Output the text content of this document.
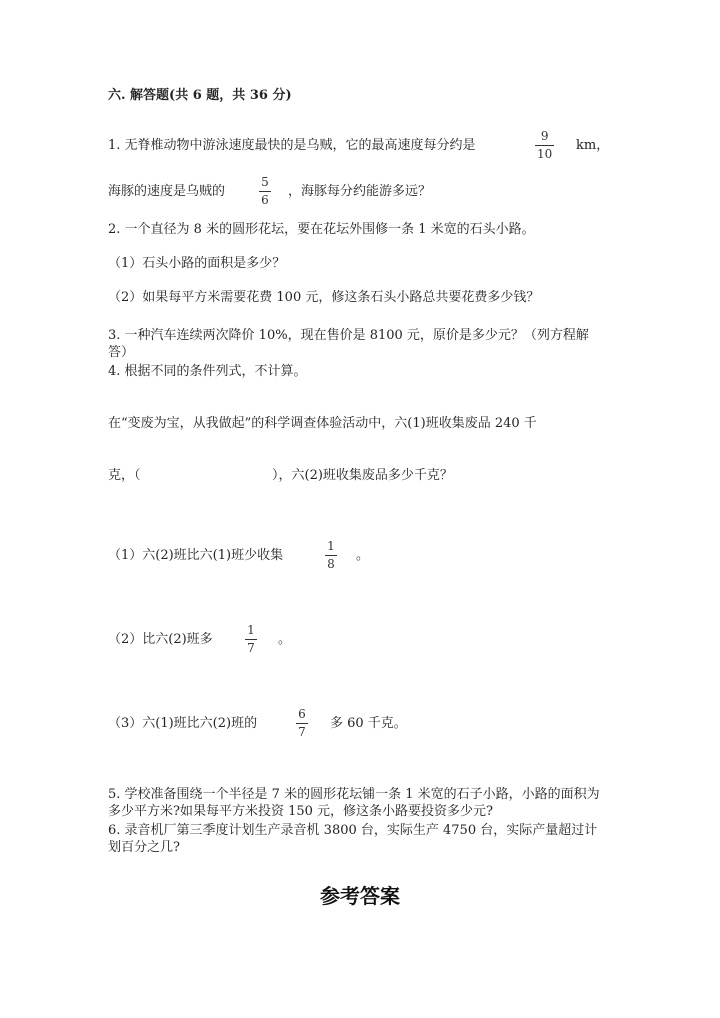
六. 解答题(共 6 题，共 36 分)
1. 无脊椎动物中游泳速度最快的是乌贼，它的最高速度每分约是
9
10
km，
海豚的速度是乌贼的
5
6
，海豚每分约能游多远？
2. 一个直径为 8 米的圆形花坛，要在花坛外围修一条 1 米宽的石头小路。
（1）石头小路的面积是多少？
（2）如果每平方米需要花费 100 元，修这条石头小路总共要花费多少钱？
3. 一种汽车连续两次降价 10%，现在售价是 8100 元，原价是多少元？（列方程解答）
4. 根据不同的条件列式，不计算。
在“变废为宝，从我做起”的科学调查体验活动中，六(1)班收集废品 240 千
克，（	），六(2)班收集废品多少千克？
（1）六(2)班比六(1)班少收集
1
8
。
（2）比六(2)班多
1
7
。
（3）六(1)班比六(2)班的
6
7
多 60 千克。
5. 学校准备围绕一个半径是 7 米的圆形花坛铺一条 1 米宽的石子小路，小路的面积为多少平方米?如果每平方米投资 150 元，修这条小路要投资多少元?
6. 录音机厂第三季度计划生产录音机 3800 台，实际生产 4750 台，实际产量超过计划百分之几?
参考答案
